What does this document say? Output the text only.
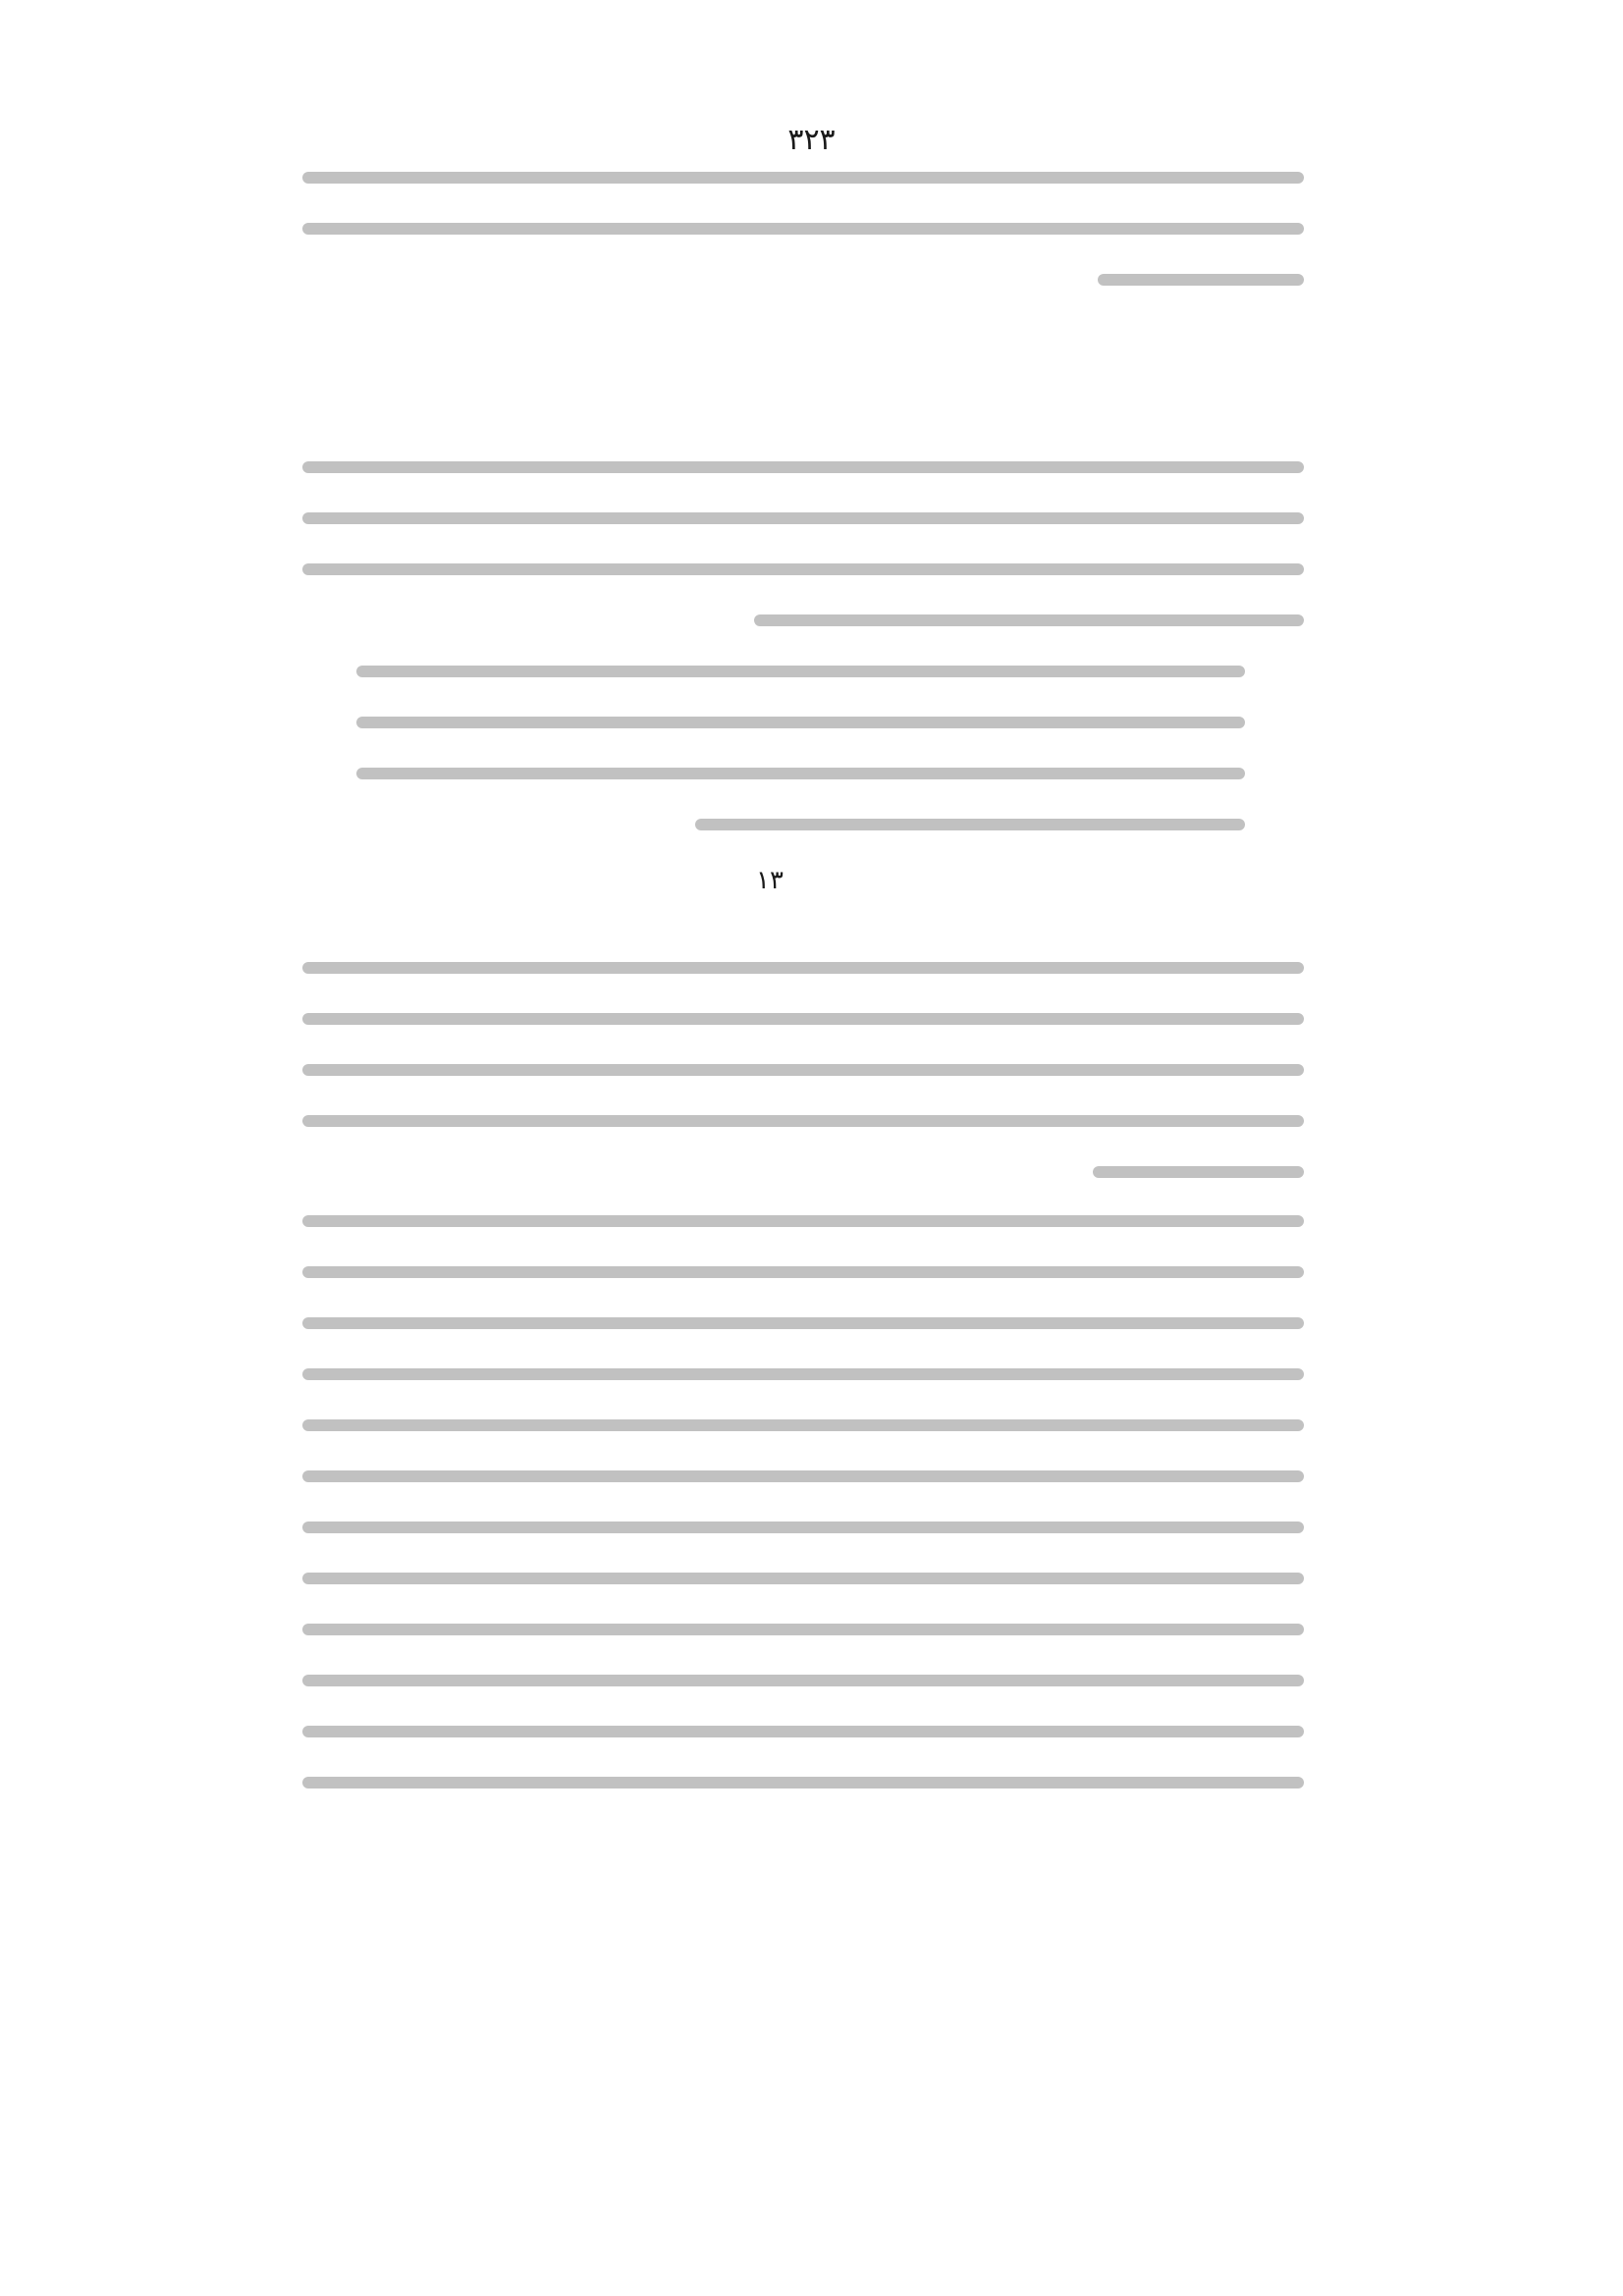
۳۲۳
۱۳
